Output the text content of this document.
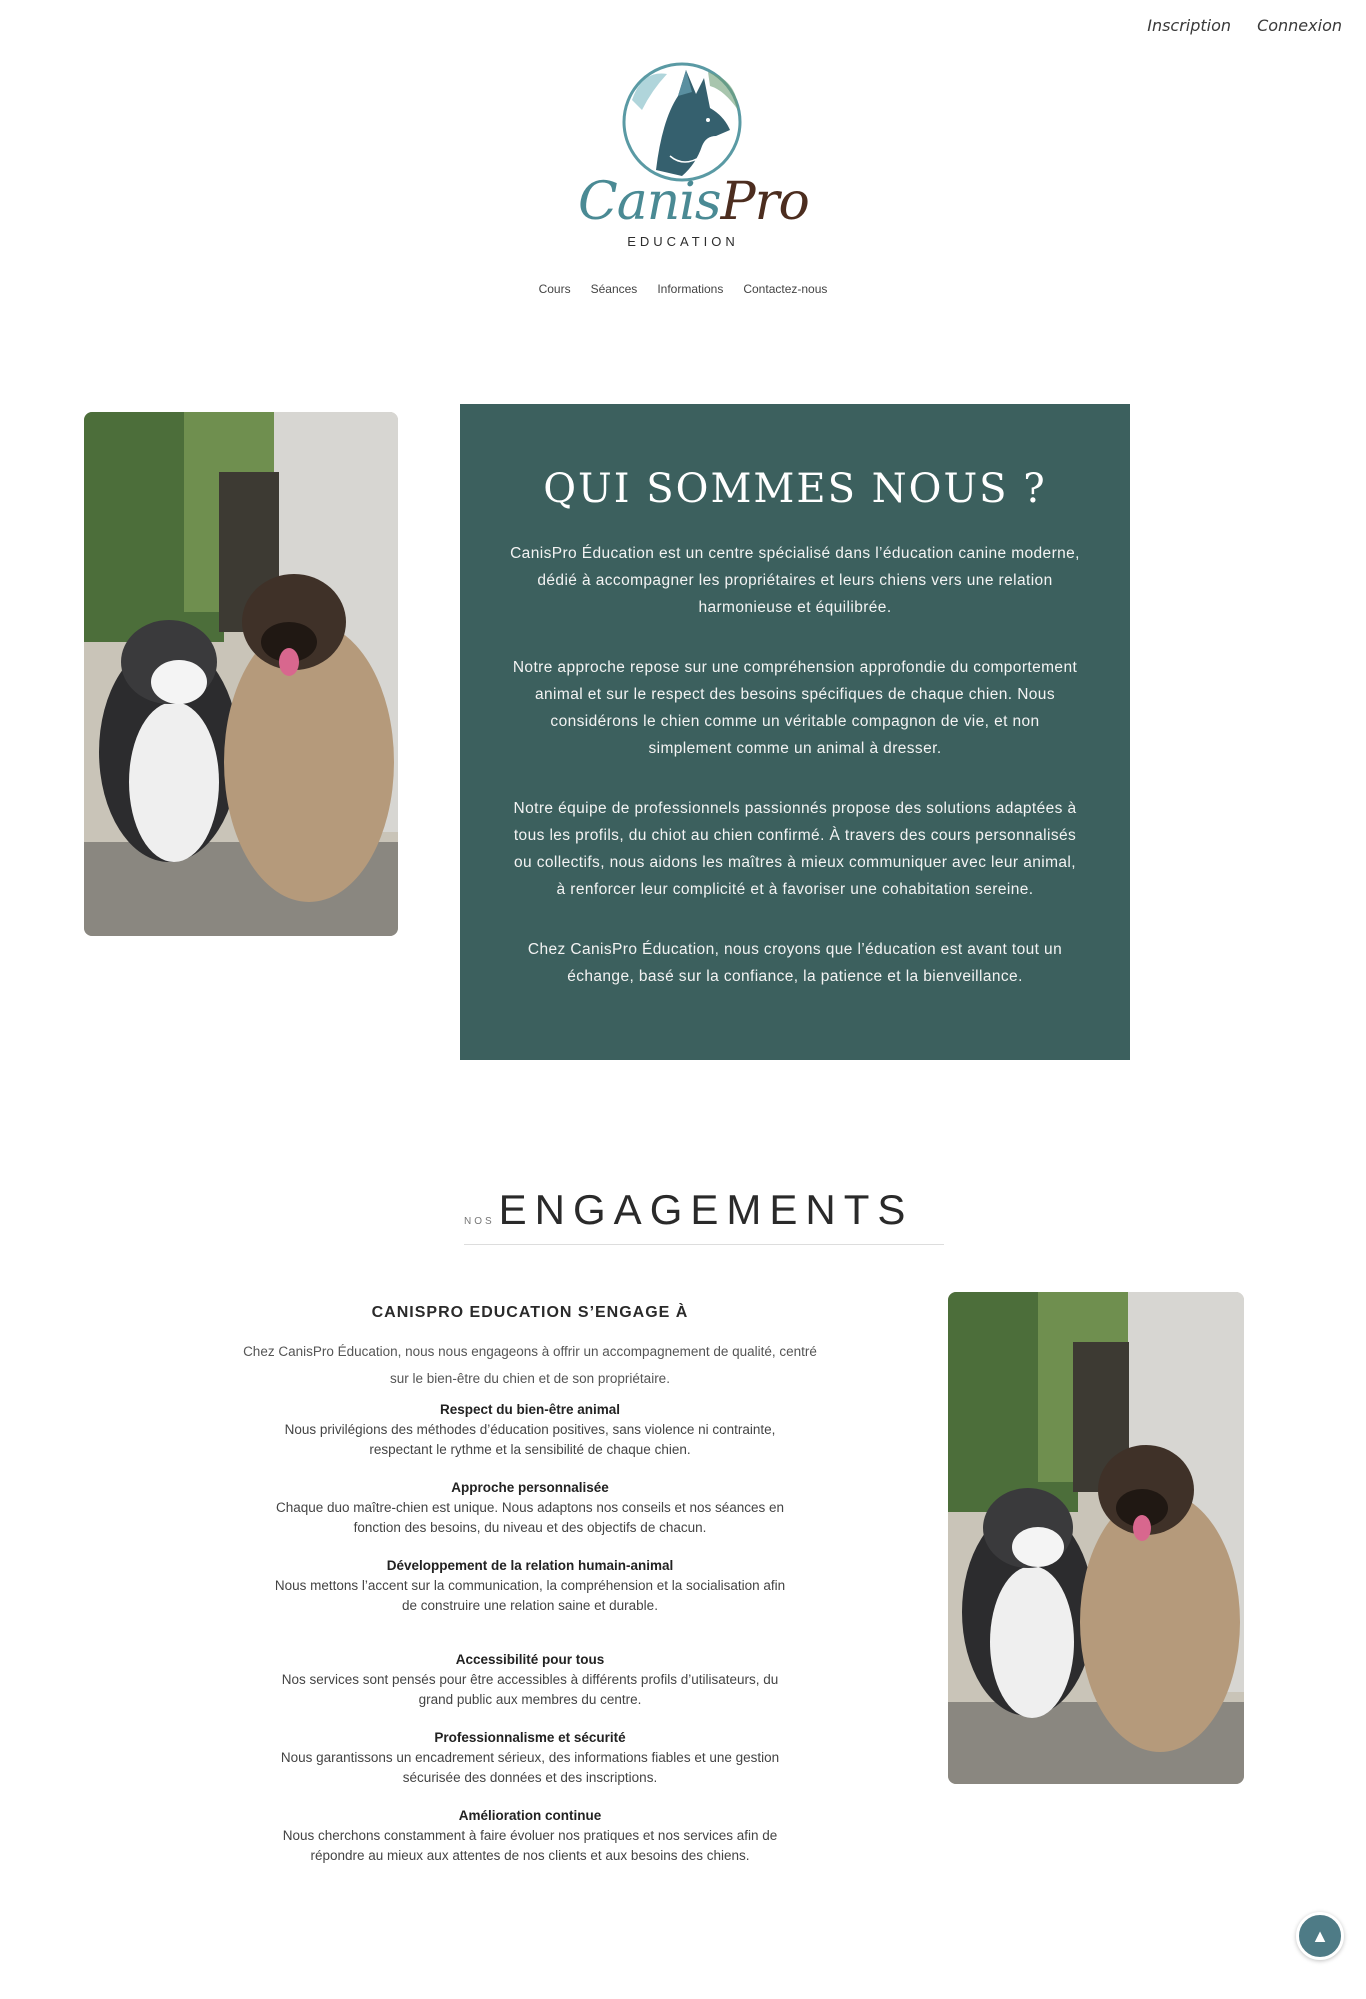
Inscription Connexion
CanisPro
EDUCATION
Cours Séances Informations Contactez-nous
QUI SOMMES NOUS ?

CanisPro Éducation est un centre spécialisé dans l’éducation canine moderne, dédié à accompagner les propriétaires et leurs chiens vers une relation harmonieuse et équilibrée.

Notre approche repose sur une compréhension approfondie du comportement animal et sur le respect des besoins spécifiques de chaque chien. Nous considérons le chien comme un véritable compagnon de vie, et non simplement comme un animal à dresser.

Notre équipe de professionnels passionnés propose des solutions adaptées à tous les profils, du chiot au chien confirmé. À travers des cours personnalisés ou collectifs, nous aidons les maîtres à mieux communiquer avec leur animal, à renforcer leur complicité et à favoriser une cohabitation sereine.

Chez CanisPro Éducation, nous croyons que l’éducation est avant tout un échange, basé sur la confiance, la patience et la bienveillance.

NOSENGAGEMENTS
CANISPRO EDUCATION S’ENGAGE À

Chez CanisPro Éducation, nous nous engageons à offrir un accompagnement de qualité, centré sur le bien-être du chien et de son propriétaire.

Respect du bien-être animal

Nous privilégions des méthodes d’éducation positives, sans violence ni contrainte, respectant le rythme et la sensibilité de chaque chien.

Approche personnalisée

Chaque duo maître-chien est unique. Nous adaptons nos conseils et nos séances en fonction des besoins, du niveau et des objectifs de chacun.

Développement de la relation humain-animal

Nous mettons l’accent sur la communication, la compréhension et la socialisation afin de construire une relation saine et durable.

Accessibilité pour tous

Nos services sont pensés pour être accessibles à différents profils d’utilisateurs, du grand public aux membres du centre.

Professionnalisme et sécurité

Nous garantissons un encadrement sérieux, des informations fiables et une gestion sécurisée des données et des inscriptions.

Amélioration continue

Nous cherchons constamment à faire évoluer nos pratiques et nos services afin de répondre au mieux aux attentes de nos clients et aux besoins des chiens.

▲
